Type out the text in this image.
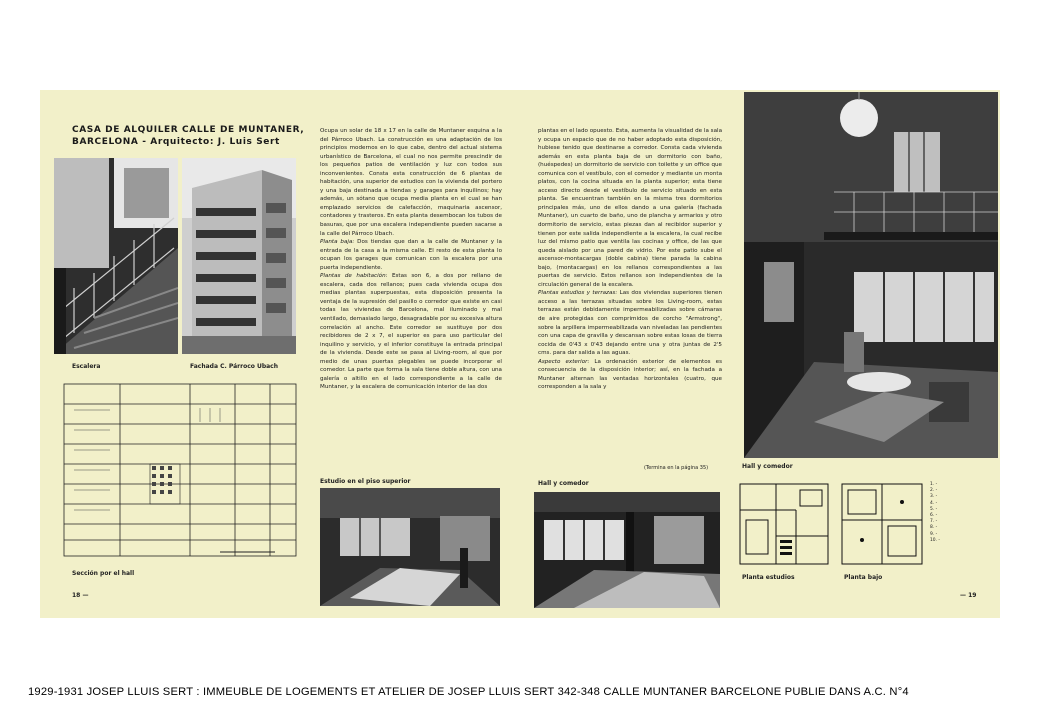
CASA DE ALQUILER CALLE DE MUNTANER,
BARCELONA - Arquitecto: J. Luis Sert
Escalera	Fachada C. Párroco Ubach
Sección por el hall
18 —

Ocupa un solar de 18 x 17 en la calle de Muntaner esquina a la del Párroco Ubach. La construcción es una adaptación de los principios modernos en lo que cabe, dentro del actual sistema urbanístico de Barcelona, el cual no nos permite prescindir de los pequeños patios de ventilación y luz con todos sus inconvenientes. Consta esta construcción de 6 plantas de habitación, una superior de estudios con la vivienda del portero y una baja destinada a tiendas y garages para inquilinos; hay además, un sótano que ocupa media planta en el cual se han emplazado servicios de calefacción, maquinaria ascensor, contadores y trasteros. En esta planta desembocan los tubos de basuras, que por una escalera independiente pueden sacarse a la calle del Párroco Ubach.

Planta baja: Dos tiendas que dan a la calle de Muntaner y la entrada de la casa a la misma calle. El resto de esta planta lo ocupan los garages que comunican con la escalera por una puerta independiente.

Plantas de habitación: Estas son 6, a dos por rellano de escalera, cada dos rellanos; pues cada vivienda ocupa dos medias plantas superpuestas, esta disposición presenta la ventaja de la supresión del pasillo o corredor que existe en casi todas las viviendas de Barcelona, mal iluminado y mal ventilado, demasiado largo, desagradable por su excesiva altura correlación al ancho. Este corredor se sustituye por dos recibidores de 2 x 7, el superior es para uso particular del inquilino y servicio, y el inferior constituye la entrada principal de la vivienda. Desde este se pasa al Living-room, al que por medio de unas puertas plegables se puede incorporar el comedor. La parte que forma la sala tiene doble altura, con una galería o altillo en el lado correspondiente a la calle de Muntaner, y la escalera de comunicación interior de las dos

Estudio en el piso superior

plantas en el lado opuesto. Esta, aumenta la visualidad de la sala y ocupa un espacio que de no haber adoptado esta disposición, hubiese tenido que destinarse a corredor. Consta cada vivienda además en esta planta baja de un dormitorio con baño, (huéspedes) un dormitorio de servicio con toilette y un office que comunica con el vestíbulo, con el comedor y mediante un monta platos, con la cocina situada en la planta superior; esta tiene acceso directo desde el vestíbulo de servicio situado en esta planta. Se encuentran también en la misma tres dormitorios principales más, uno de ellos dando a una galería (fachada Muntaner), un cuarto de baño, uno de plancha y armarios y otro dormitorio de servicio, estas piezas dan al recibidor superior y tienen por este salida independiente a la escalera, la cual recibe luz del mismo patio que ventila las cocinas y office, de las que queda aislado por una pared de vidrio. Por este patio sube el ascensor-montacargas (doble cabina) tiene parada la cabina bajo, (montacargas) en los rellanos correspondientes a las puertas de servicio. Estos rellanos son independientes de la circulación general de la escalera.

Plantas estudios y terrazas: Las dos viviendas superiores tienen acceso a las terrazas situadas sobre los Living-room, estas terrazas están debidamente impermeabilizadas sobre cámaras de aire protegidas con comprimidos de corcho "Armstrong", sobre la arpillera impermeabilizada van niveladas las pendientes con una capa de gravilla y descansan sobre estas losas de tierra cocida de 0'43 x 0'43 dejando entre una y otra juntas de 2'5 cms. para dar salida a las aguas.

Aspecto exterior: La ordenación exterior de elementos es consecuencia de la disposición interior; así, en la fachada a Muntaner alternan las ventadas horizontales (cuatro, que corresponden a la sala y

(Termina en la página 35)
Hall y comedor
Hall y comedor
Planta estudios	Planta bajo
1. -
2. -
3. -
4. -
5. -
6. -
7. -
8. -
9. -
10. -
— 19
1929-1931 JOSEP LLUIS SERT : IMMEUBLE DE LOGEMENTS ET ATELIER DE JOSEP LLUIS SERT 342-348 CALLE MUNTANER BARCELONE PUBLIE DANS A.C. N°4
